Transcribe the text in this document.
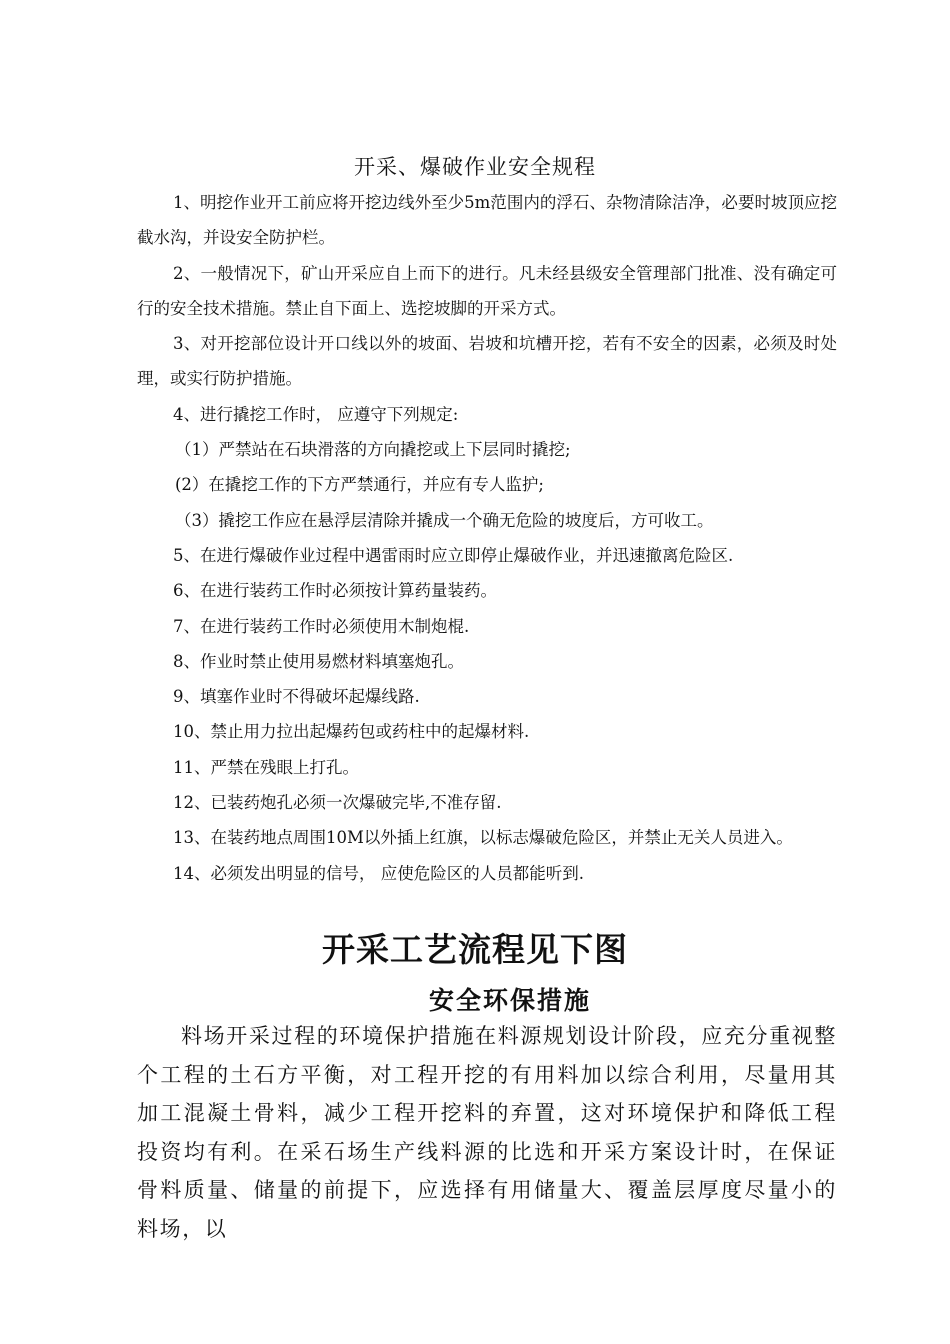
开采、爆破作业安全规程
1、明挖作业开工前应将开挖边线外至少5m范围内的浮石、杂物清除洁净，必要时坡顶应挖截水沟，并设安全防护栏。
2、一般情况下，矿山开采应自上而下的进行。凡未经县级安全管理部门批准、没有确定可行的安全技术措施。禁止自下面上、选挖坡脚的开采方式。
3、对开挖部位设计开口线以外的坡面、岩坡和坑槽开挖，若有不安全的因素，必须及时处理，或实行防护措施。
4、进行撬挖工作时， 应遵守下列规定:
（1）严禁站在石块滑落的方向撬挖或上下层同时撬挖;
(2）在撬挖工作的下方严禁通行，并应有专人监护;
（3）撬挖工作应在悬浮层清除并撬成一个确无危险的坡度后，方可收工。
5、在进行爆破作业过程中遇雷雨时应立即停止爆破作业，并迅速撤离危险区.
6、在进行装药工作时必须按计算药量装药。
7、在进行装药工作时必须使用木制炮棍.
8、作业时禁止使用易燃材料填塞炮孔。
9、填塞作业时不得破坏起爆线路.
10、禁止用力拉出起爆药包或药柱中的起爆材料.
11、严禁在残眼上打孔。
12、已装药炮孔必须一次爆破完毕,不准存留.
13、在装药地点周围10M以外插上红旗，以标志爆破危险区，并禁止无关人员进入。
14、必须发出明显的信号， 应使危险区的人员都能听到.
开采工艺流程见下图
安全环保措施

料场开采过程的环境保护措施在料源规划设计阶段，应充分重视整个工程的土石方平衡，对工程开挖的有用料加以综合利用，尽量用其加工混凝土骨料，减少工程开挖料的弃置，这对环境保护和降低工程投资均有利。在采石场生产线料源的比选和开采方案设计时，在保证骨料质量、储量的前提下，应选择有用储量大、覆盖层厚度尽量小的料场，以
